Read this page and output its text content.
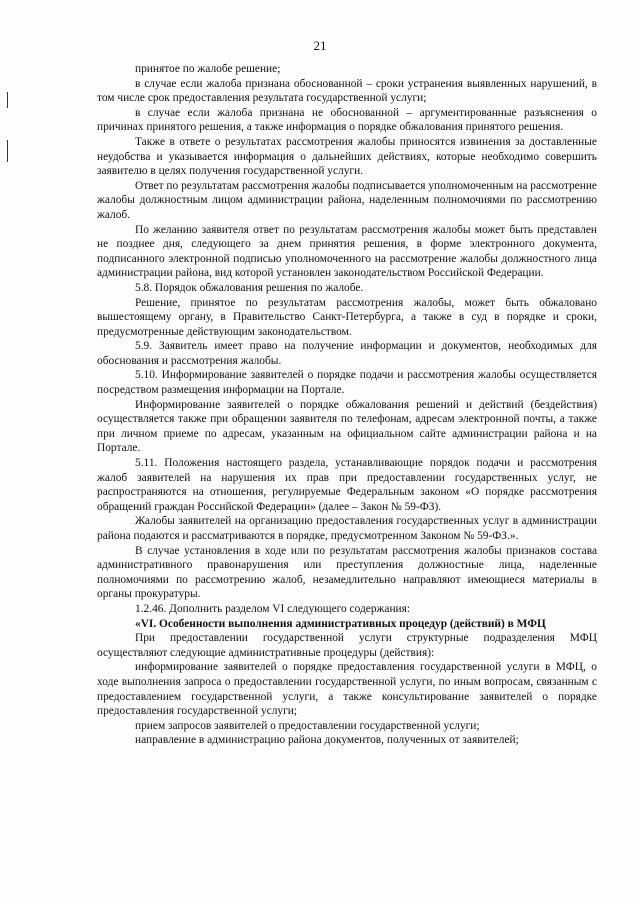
21

принятое по жалобе решение;

в случае если жалоба признана обоснованной – сроки устранения выявленных нарушений, в том числе срок предоставления результата государственной услуги;

в случае если жалоба признана не обоснованной – аргументированные разъяснения о причинах принятого решения, а также информация о порядке обжалования принятого решения.

Также в ответе о результатах рассмотрения жалобы приносятся извинения за доставленные неудобства и указывается информация о дальнейших действиях, которые необходимо совершить заявителю в целях получения государственной услуги.

Ответ по результатам рассмотрения жалобы подписывается уполномоченным на рассмотрение жалобы должностным лицом администрации района, наделенным полномочиями по рассмотрению жалоб.

По желанию заявителя ответ по результатам рассмотрения жалобы может быть представлен не позднее дня, следующего за днем принятия решения, в форме электронного документа, подписанного электронной подписью уполномоченного на рассмотрение жалобы должностного лица администрации района, вид которой установлен законодательством Российской Федерации.

5.8. Порядок обжалования решения по жалобе.

Решение, принятое по результатам рассмотрения жалобы, может быть обжаловано вышестоящему органу, в Правительство Санкт-Петербурга, а также в суд в порядке и сроки, предусмотренные действующим законодательством.

5.9. Заявитель имеет право на получение информации и документов, необходимых для обоснования и рассмотрения жалобы.

5.10. Информирование заявителей о порядке подачи и рассмотрения жалобы осуществляется посредством размещения информации на Портале.

Информирование заявителей о порядке обжалования решений и действий (бездействия) осуществляется также при обращении заявителя по телефонам, адресам электронной почты, а также при личном приеме по адресам, указанным на официальном сайте администрации района и на Портале.

5.11. Положения настоящего раздела, устанавливающие порядок подачи и рассмотрения жалоб заявителей на нарушения их прав при предоставлении государственных услуг, не распространяются на отношения, регулируемые Федеральным законом «О порядке рассмотрения обращений граждан Российской Федерации» (далее – Закон № 59-ФЗ).

Жалобы заявителей на организацию предоставления государственных услуг в администрации района подаются и рассматриваются в порядке, предусмотренном Законом № 59-ФЗ.».

В случае установления в ходе или по результатам рассмотрения жалобы признаков состава административного правонарушения или преступления должностные лица, наделенные полномочиями по рассмотрению жалоб, незамедлительно направляют имеющиеся материалы в органы прокуратуры.

1.2.46. Дополнить разделом VI следующего содержания:

«VI. Особенности выполнения административных процедур (действий) в МФЦ

При предоставлении государственной услуги структурные подразделения МФЦ осуществляют следующие административные процедуры (действия):

информирование заявителей о порядке предоставления государственной услуги в МФЦ, о ходе выполнения запроса о предоставлении государственной услуги, по иным вопросам, связанным с предоставлением государственной услуги, а также консультирование заявителей о порядке предоставления государственной услуги;

прием запросов заявителей о предоставлении государственной услуги;

направление в администрацию района документов, полученных от заявителей;
